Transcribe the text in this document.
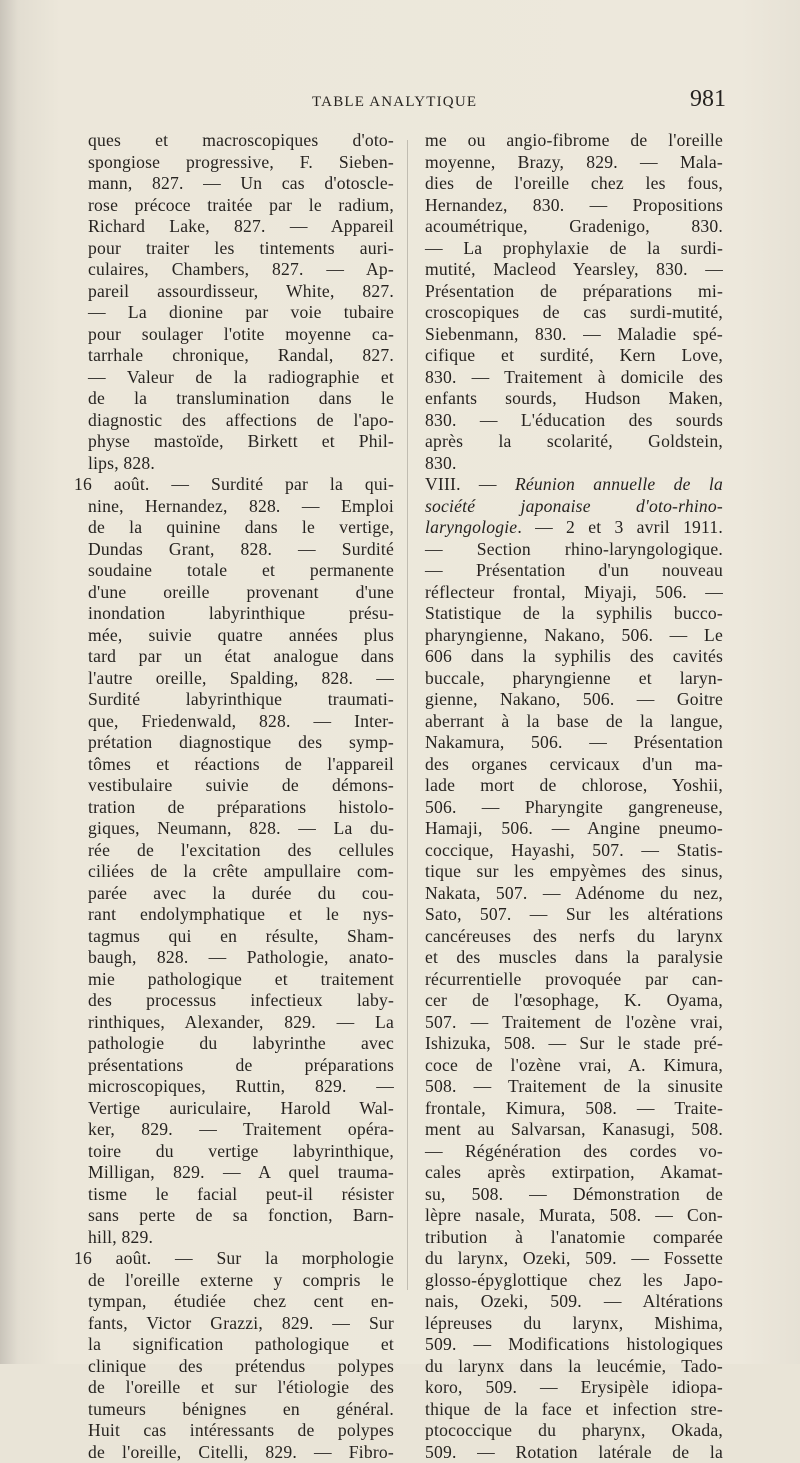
TABLE ANALYTIQUE	981
ques et macroscopiques d'oto-
spongiose progressive, F. Sieben-
mann, 827. — Un cas d'otoscle-
rose précoce traitée par le radium,
Richard Lake, 827. — Appareil
pour traiter les tintements auri-
culaires, Chambers, 827. — Ap-
pareil assourdisseur, White, 827.
— La dionine par voie tubaire
pour soulager l'otite moyenne ca-
tarrhale chronique, Randal, 827.
— Valeur de la radiographie et
de la translumination dans le
diagnostic des affections de l'apo-
physe mastoïde, Birkett et Phil-
lips, 828.
16 août. — Surdité par la qui-
nine, Hernandez, 828. — Emploi
de la quinine dans le vertige,
Dundas Grant, 828. — Surdité
soudaine totale et permanente
d'une oreille provenant d'une
inondation labyrinthique présu-
mée, suivie quatre années plus
tard par un état analogue dans
l'autre oreille, Spalding, 828. —
Surdité labyrinthique traumati-
que, Friedenwald, 828. — Inter-
prétation diagnostique des symp-
tômes et réactions de l'appareil
vestibulaire suivie de démons-
tration de préparations histolo-
giques, Neumann, 828. — La du-
rée de l'excitation des cellules
ciliées de la crête ampullaire com-
parée avec la durée du cou-
rant endolymphatique et le nys-
tagmus qui en résulte, Sham-
baugh, 828. — Pathologie, anato-
mie pathologique et traitement
des processus infectieux laby-
rinthiques, Alexander, 829. — La
pathologie du labyrinthe avec
présentations de préparations
microscopiques, Ruttin, 829. —
Vertige auriculaire, Harold Wal-
ker, 829. — Traitement opéra-
toire du vertige labyrinthique,
Milligan, 829. — A quel trauma-
tisme le facial peut-il résister
sans perte de sa fonction, Barn-
hill, 829.
16 août. — Sur la morphologie
de l'oreille externe y compris le
tympan, étudiée chez cent en-
fants, Victor Grazzi, 829. — Sur
la signification pathologique et
clinique des prétendus polypes
de l'oreille et sur l'étiologie des
tumeurs bénignes en général.
Huit cas intéressants de polypes
de l'oreille, Citelli, 829. — Fibro-
me ou angio-fibrome de l'oreille
moyenne, Brazy, 829. — Mala-
dies de l'oreille chez les fous,
Hernandez, 830. — Propositions
acoumétrique, Gradenigo, 830.
— La prophylaxie de la surdi-
mutité, Macleod Yearsley, 830. —
Présentation de préparations mi-
croscopiques de cas surdi-mutité,
Siebenmann, 830. — Maladie spé-
cifique et surdité, Kern Love,
830. — Traitement à domicile des
enfants sourds, Hudson Maken,
830. — L'éducation des sourds
après la scolarité, Goldstein,
830.
VIII. — Réunion annuelle de la
société japonaise d'oto-rhino-
laryngologie. — 2 et 3 avril 1911.
— Section rhino-laryngologique.
— Présentation d'un nouveau
réflecteur frontal, Miyaji, 506. —
Statistique de la syphilis bucco-
pharyngienne, Nakano, 506. — Le
606 dans la syphilis des cavités
buccale, pharyngienne et laryn-
gienne, Nakano, 506. — Goitre
aberrant à la base de la langue,
Nakamura, 506. — Présentation
des organes cervicaux d'un ma-
lade mort de chlorose, Yoshii,
506. — Pharyngite gangreneuse,
Hamaji, 506. — Angine pneumo-
coccique, Hayashi, 507. — Statis-
tique sur les empyèmes des sinus,
Nakata, 507. — Adénome du nez,
Sato, 507. — Sur les altérations
cancéreuses des nerfs du larynx
et des muscles dans la paralysie
récurrentielle provoquée par can-
cer de l'œsophage, K. Oyama,
507. — Traitement de l'ozène vrai,
Ishizuka, 508. — Sur le stade pré-
coce de l'ozène vrai, A. Kimura,
508. — Traitement de la sinusite
frontale, Kimura, 508. — Traite-
ment au Salvarsan, Kanasugi, 508.
— Régénération des cordes vo-
cales après extirpation, Akamat-
su, 508. — Démonstration de
lèpre nasale, Murata, 508. — Con-
tribution à l'anatomie comparée
du larynx, Ozeki, 509. — Fossette
glosso-épyglottique chez les Japo-
nais, Ozeki, 509. — Altérations
lépreuses du larynx, Mishima,
509. — Modifications histologiques
du larynx dans la leucémie, Tado-
koro, 509. — Erysipèle idiopa-
thique de la face et infection stre-
ptococcique du pharynx, Okada,
509. — Rotation latérale de la
